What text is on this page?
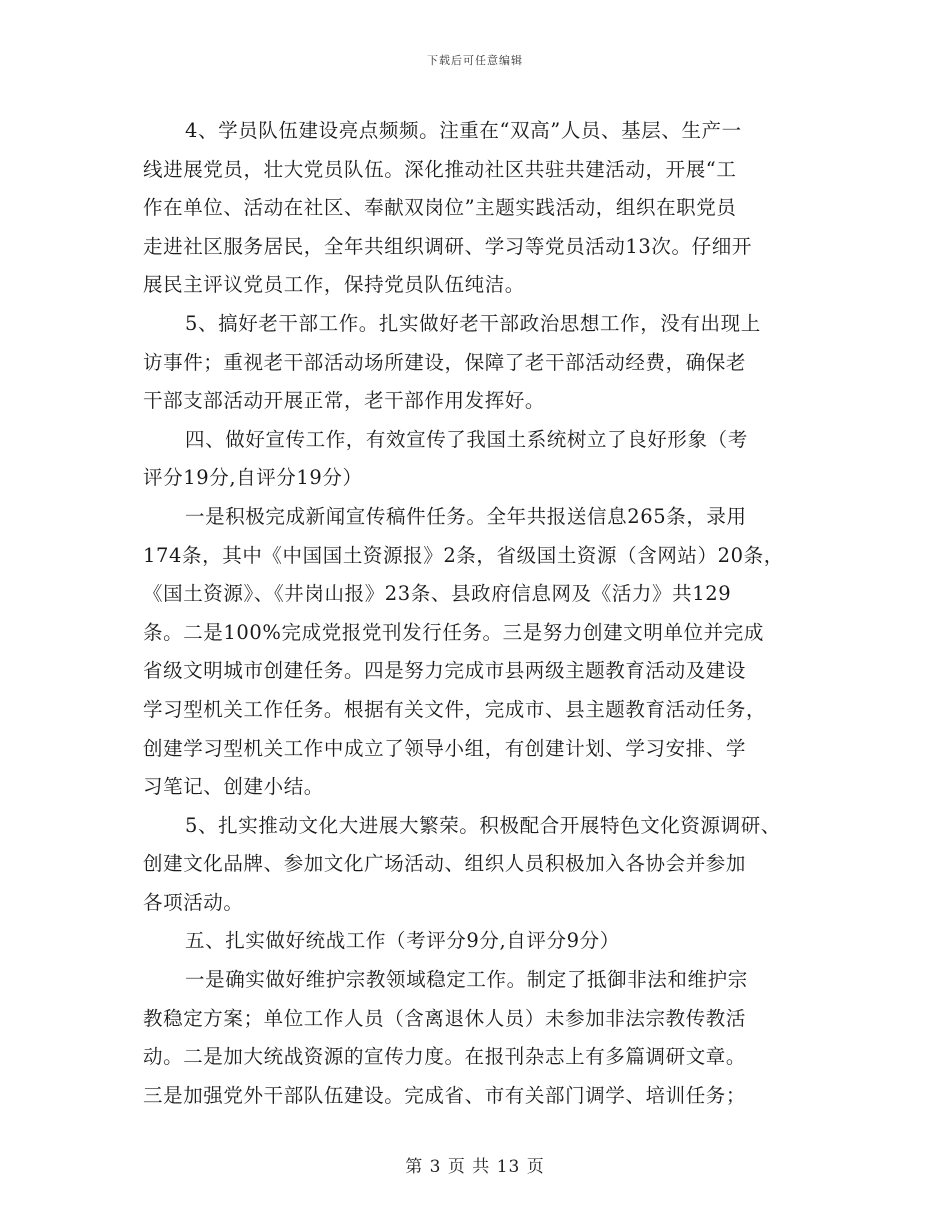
下载后可任意编辑
4、学员队伍建设亮点频频。注重在“双高”人员、基层、生产一
线进展党员，壮大党员队伍。深化推动社区共驻共建活动，开展“工
作在单位、活动在社区、奉献双岗位”主题实践活动，组织在职党员
走进社区服务居民，全年共组织调研、学习等党员活动13次。仔细开
展民主评议党员工作，保持党员队伍纯洁。
5、搞好老干部工作。扎实做好老干部政治思想工作，没有出现上
访事件；重视老干部活动场所建设，保障了老干部活动经费，确保老
干部支部活动开展正常，老干部作用发挥好。
四、做好宣传工作，有效宣传了我国土系统树立了良好形象（考
评分19分,自评分19分）
一是积极完成新闻宣传稿件任务。全年共报送信息265条，录用
174条，其中《中国国土资源报》2条，省级国土资源（含网站）20条，
《国土资源》、《井岗山报》23条、县政府信息网及《活力》共129
条。二是100%完成党报党刊发行任务。三是努力创建文明单位并完成
省级文明城市创建任务。四是努力完成市县两级主题教育活动及建设
学习型机关工作任务。根据有关文件，完成市、县主题教育活动任务，
创建学习型机关工作中成立了领导小组，有创建计划、学习安排、学
习笔记、创建小结。
5、扎实推动文化大进展大繁荣。积极配合开展特色文化资源调研、
创建文化品牌、参加文化广场活动、组织人员积极加入各协会并参加
各项活动。
五、扎实做好统战工作（考评分9分,自评分9分）
一是确实做好维护宗教领域稳定工作。制定了抵御非法和维护宗
教稳定方案；单位工作人员（含离退休人员）未参加非法宗教传教活
动。二是加大统战资源的宣传力度。在报刊杂志上有多篇调研文章。
三是加强党外干部队伍建设。完成省、市有关部门调学、培训任务；
第 3 页 共 13 页
